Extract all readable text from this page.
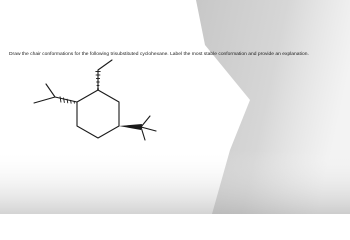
Draw the chair conformations for the following trisubstituted cyclohexane. Label the most stable conformation and provide an explanation.
